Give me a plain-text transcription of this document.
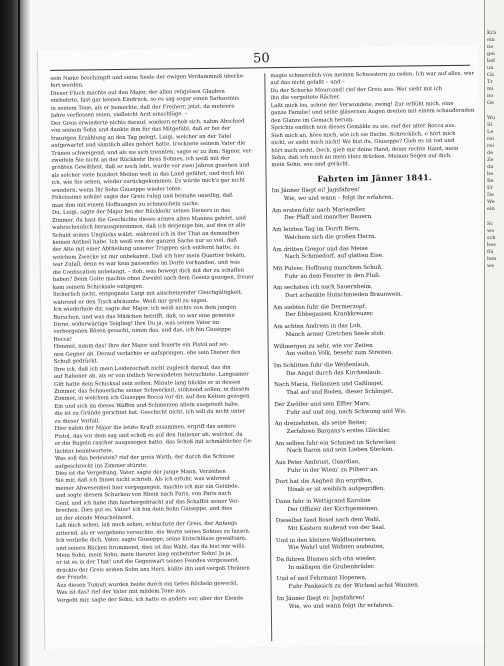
50
sein Name beschimpft und seine Seele der ewigen Verdammniß überlie-
fert werden.
Dieser Fluch machte auf den Major, der allen religiösen Glauben
entbehrte, fast gar keinen Eindruck, so es sag sogar einen Sarkasmus
in seinem Tone, als er bemerkte, daß der Freiherr, jetzt, da mehrere
Jahre verflossen seien, vielleicht Arzt einschlüge. –
Der Greis erwiederte nichts darauf, sondern erhob sich, nahm Abschied
von seinem Sohn und dankte ihm für das Mitgefühl, daß er bei der
traurigen Erzählung an den Tag gelegt. Luigi, welcher an der Tafel
aufgewartet und sämtlich alles gehört hatte, trocknete seinem Vater die
Tränen schweigend, und als sie sich trennten, sagte er zu ihm: Signor, ver-
zweifeln Sie nicht an der Rückkehr Ihres Sohnes, ich weiß mit der
größten Gewißheit, daß er noch lebt, wurde vor zwei Jahren gesehen und
als solcher viele hundert Meilen weit in das Land geführt, und doch bin
ich, wie Sie sehen, wieder zurückgekommen. Es würde mich's gar nicht
wundern, wenn Ihr Sohn Giuseppe wieder lebte.
Felicissimo nobile! sagte der Greis ruhig und beinahe unwillig, daß
man ihm mit einem Hoffnungen zu schmeicheln suche.
Du, Luigi, sagte der Major bei der Rückkehr seines Dieners in das
Zimmer, du hast die Geschichte dieses armen alten Mannes gehört, und
wahrscheinlich herausgenommen, daß ich derjenige bin, auf den er alle
Schuld seines Unglücks wälzt, während ich in der That an demselben
keinen Antheil habe. Ich weiß von der ganzen Sache nur so viel, daß
der Alte mit einer Abtheilung unserer Truppen sich entfernt hatte, zu
welchem Zwecke ist mir unbekannt. Daß ich hier mein Quartier bekam,
war Zufall, denn es war kein passendes im Dorfe vorhanden, und was
die Confiscation anbelangt, – doh, was bewegt dich mit der zu schaffen
haben? Beim Gotte machte ohne Zweifel nach dem Gesetz gezogen, freuer
kam seinem Schicksale entgegen.
Sicherlich nicht, entgegnete Luigi mit anscheinender Gleichgültigkeit,
während er den Tisch abräumte. Weiß mir grell zu sagen.
Ich wiederhole dir, sagte der Major, ich weiß nichts von dem jungen
Burschen, und was das Mädchen betrifft, daß, so war eine gemeine
Dirne, widerwärtige Teigling! Ihre Du ja, was seinen Vater im
verborgenen Bösen gesucht, nimm das, und das, ich bin Giuseppe
Rocca!
Himmel, nimm das! Ihre der Major und feuerte ein Pistol auf sei-
nen Gegner ab. Derauf verlachte er aufspringen, ehe sein Diener den
Schuß gedrückt.
Ihre ich, daß ich mein Leidenschaft nicht zugleich darauf, das ihn
auf Italiener ab, als er von tödlich Verwundeten betrachtete. Langsamer
Gift hatte dein Schicksal sein sollen, Minute lang blickte er in dessen
Zimmer, das Schauerliche seiner Schwerkeit, stöhnend sollen, in diesem
Zimmer, in welchem ich Giuseppe Rocca vor dir, auf den Ketten gezogen
Ein und sich im dieses Waffen und Schmerzen allem ausgeteilt habe,
die ist zu Gründe gerichtet hat. Geschicht nicht, ich will du nicht unter
zu dieser Vorfall.
Hier nahm der Major die letzte Kraft zusammen, ergriff das andere
Pistol, das vor dem sag und schoß es auf den Italiener ab, welcher, da
er die Rugeln rascher ausgezogen hatte, das Schoß mit schmählicher Ge-
lächter beantwortete.
Was soll das bedeuten? rief der greis Wirth, der durch die Schüsse
aufgeschreckt ins Zimmer stürzte.
Dies ist die Vergeltung, Vater, sagte der junge Mann. Verzeihen
Sie mir, daß ich Ihnen nicht schrieb. Als ich erfuhr, was während
meiner Abwesenheit hier vorgegangen, machte ich mir ein Gelübde,
und sogte diesem Schurken von Rhein nach Paris, von Paris nach
Genf, und ich habe ihm hierhergebracht auf das Schaffot seiner Ver-
brechen. Dies gut es. Vater! ich bin dein Sohn Giuseppe, und dies
ist der elende Meuchelmord.
Laß mich sehen, laß mich sehen, schluchzte der Greis, der Anfangs
zitternd, als er vergebens versuchte, die Worte seines Sohnes zu fassen.
Ich verließe dich, Vater, sagte Giuseppe, seine Entschlüsse gewaltsam,
und seinen Rücken brummend, dies ist das Wahl, das du bist mir wills.
Mein Sohn, mein Sohn, mein theurer lang entbehrter Sohn! Ja ja,
er ist es in der That! und die Gegenwart seines Feindes vergessend,
drückte der Greis seinen Sohn ans Herz, küßte ihn und vergoß Thränen
der Freude.
Aus diesen Tumult wurden beide durch ein tiefes Röcheln geweckt.
Was ist das? rief der Vater mit mildem Tone aus.
Vergebt mir, sagte der Sohn, ich hatte es anders vor, aber der Elende
magte schmerzlich von meinen Schwestern zu reden. Ich war auf alles, wer
auf das nicht gefaßt – und –
Du der Schurke Mourcand! rief der Greis aus. Wer sieht mit ich
ihn die vergeltete Rächer.
Laßt mich los, schrie der Verwundete, zwing! Zur erflüht mich, eine
ganze Familie! und seine gläsernen Augen dreiten mit einem schaudernden
den Glanze im Gemach herum.
Sprichts endlich nun dieses Gemälde zu sie, rief der alter Rocca aus.
Sieh mich an, höre mich, wie ich sie fluche. Schrecklich, o hört mich
nicht, er sieht mich nicht! Wo bist du, Giuseppe? Gieb es ist tod und
hört mich nicht. Doch, gieb mir deine Hand, deine rechte Hand, mein
Sohn, daß ich mich an mein Herz drücken. Meinen Segen auf dich,
mein Sohn, wie sind gerächt.
Fahrten im Jänner 1841.
Im Jänner fliegt ei! Jagsfahren!
Wie, wo und wann – folgt ihr erfahren.
Am ersten fuhr nach Mariazeller,
Der Pfaff und mancher Bauern.
Am letzten Tag im Dorrft Bern,
Welchem sich die großen Herrn.
Am dritten Gregor und das Meise
Nach Schmiedorf, auf glatten Eise.
Mit Pulver, Hoffnung manchem Schuß,
Fuhr an dem Fenster in den Fluß.
Am sechsten ich nach Sauernheim,
Dort schenkte Hutschmieden Braunwein.
Am siebten fuhr die Dermerzopf,
Der Ebbegassen Krankkreuzer.
Am achten Andreas in das Lob,
Manch armer Gretchen Seele stob.
Willmergen zu sehr, wie vor Zeiten
Am vielten Volk, besehr zum Streiten.
Im Schlitten fuhr die Weißenlaub,
Die Angst durch das Kirchenlaub.
Nach Maria, Hellanzen und Gaßlinget,
Thal auf und Boden, dieser Schlinget.
Der Zwölfer und sein Elfter Mars,
Fuhr auf und zog, nach Schwung und Wis.
An dreizehnten, als seine Reiter,
Zerfahren Bargans's erstes Glöckler.
Am selben fuhr ein Schmied im Schrecken
Nach Baron und sein Lieben Stecken.
Aus Peter Ambrust, Guardian,
Fuhr in der Wiem' zu Pilberr an.
Dort hat die Angheit ihn ergriffen,
Hinab er ist weiblich aufgegriffen.
Dann fuhr in Wettigrand Karoline
Der Offizier der Kirchgemeinen.
Dieselbst fand Bosel nach dem Wahl,
Mit Kastern mußend von der Saal.
Und in den kleinen Waldbauternen,
Wie Wahrl und Wahnen andeuten,
Da führen Blumen sich ohn wieder,
In mäßigen die Grubenbrüder.
Und ef und Fehrmant Hopenen,
Fuhr Pankesich zu der Wichsel achst Wannen.
Im Jänner fliegt ei: Jagsfahren!
Wie, wo und wann folgt ihr erfahren.
Krä
ein
ne
gei
bef
un
Gä
Tr
mi
no
Ge
Wu
St
Le
rei
rei
de
Ze
da
be
Be
Er
De
We
ein
Sc
wo
sch
bes
flü
ben
we
